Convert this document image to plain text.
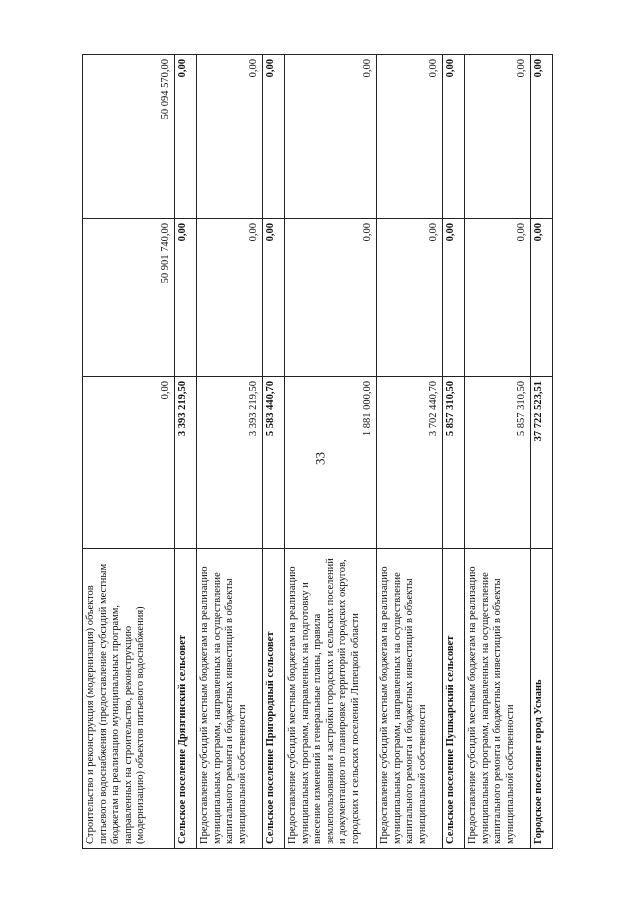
33
Строительство и реконструкция (модернизация) объектов питьевого водоснабжения (предоставление субсидий местным бюджетам на реализацию муниципальных программ, направленных на строительство, реконструкцию (модернизацию) объектов питьевого водоснабжения)	0,00	50 901 740,00	50 094 570,00
Сельское поселение Дрязгинский сельсовет	3 393 219,50	0,00	0,00
Предоставление субсидий местным бюджетам на реализацию муниципальных программ, направленных на осуществление капитального ремонта и бюджетных инвестиций в объекты муниципальной собственности	3 393 219,50	0,00	0,00
Сельское поселение Пригородный сельсовет	5 583 440,70	0,00	0,00
Предоставление субсидий местным бюджетам на реализацию муниципальных программ, направленных на подготовку и внесение изменений в генеральные планы, правила землепользования и застройки городских и сельских поселений и документацию по планировке территорий городских округов, городских и сельских поселений Липецкой области	1 881 000,00	0,00	0,00
Предоставление субсидий местным бюджетам на реализацию муниципальных программ, направленных на осуществление капитального ремонта и бюджетных инвестиций в объекты муниципальной собственности	3 702 440,70	0,00	0,00
Сельское поселение Пушкарский сельсовет	5 857 310,50	0,00	0,00
Предоставление субсидий местным бюджетам на реализацию муниципальных программ, направленных на осуществление капитального ремонта и бюджетных инвестиций в объекты муниципальной собственности	5 857 310,50	0,00	0,00
Городское поселение город Усмань	37 722 523,51	0,00	0,00
